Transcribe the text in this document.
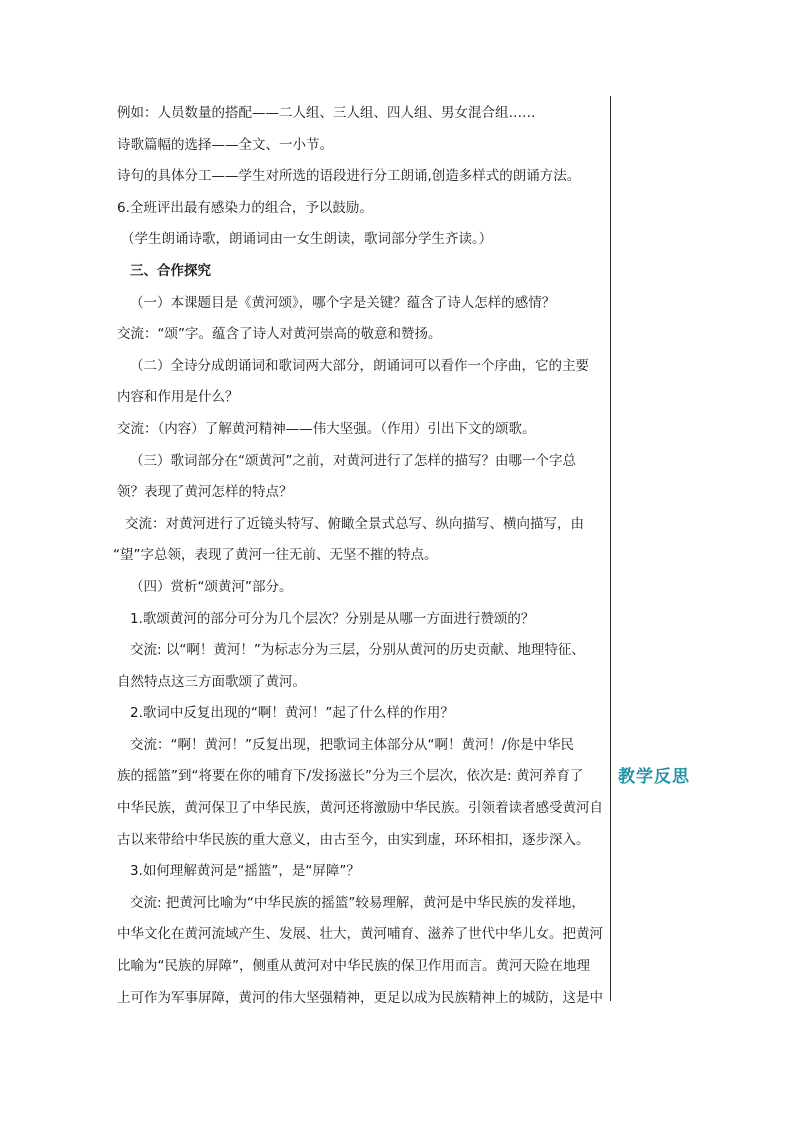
例如：人员数量的搭配——二人组、三人组、四人组、男女混合组……
诗歌篇幅的选择——全文、一小节。
诗句的具体分工——学生对所选的语段进行分工朗诵,创造多样式的朗诵方法。
6.全班评出最有感染力的组合，予以鼓励。
（学生朗诵诗歌，朗诵词由一女生朗读，歌词部分学生齐读。）
三、合作探究
（一）本课题目是《黄河颂》，哪个字是关键？蕴含了诗人怎样的感情？
交流：“颂”字。蕴含了诗人对黄河崇高的敬意和赞扬。
（二）全诗分成朗诵词和歌词两大部分，朗诵词可以看作一个序曲，它的主要
内容和作用是什么？
交流：（内容）了解黄河精神——伟大坚强。（作用）引出下文的颂歌。
（三）歌词部分在“颂黄河”之前，对黄河进行了怎样的描写？由哪一个字总
领？表现了黄河怎样的特点？
交流：对黄河进行了近镜头特写、俯瞰全景式总写、纵向描写、横向描写，由
“望”字总领，表现了黄河一往无前、无坚不摧的特点。
（四）赏析“颂黄河”部分。
1.歌颂黄河的部分可分为几个层次？分别是从哪一方面进行赞颂的？
交流: 以“啊！黄河！”为标志分为三层，分别从黄河的历史贡献、地理特征、
自然特点这三方面歌颂了黄河。
2.歌词中反复出现的“啊！黄河！”起了什么样的作用？
交流：“啊！黄河！”反复出现，把歌词主体部分从“啊！黄河！/你是中华民
族的摇篮”到“将要在你的哺育下/发扬滋长”分为三个层次，依次是: 黄河养育了
中华民族，黄河保卫了中华民族，黄河还将激励中华民族。引领着读者感受黄河自
古以来带给中华民族的重大意义，由古至今，由实到虚，环环相扣，逐步深入。
3.如何理解黄河是“摇篮”，是“屏障”？
交流: 把黄河比喻为“中华民族的摇篮”较易理解，黄河是中华民族的发祥地，
中华文化在黄河流域产生、发展、壮大，黄河哺育、滋养了世代中华儿女。把黄河
比喻为“民族的屏障”，侧重从黄河对中华民族的保卫作用而言。黄河天险在地理
上可作为军事屏障，黄河的伟大坚强精神，更足以成为民族精神上的城防，这是中
教学反思
